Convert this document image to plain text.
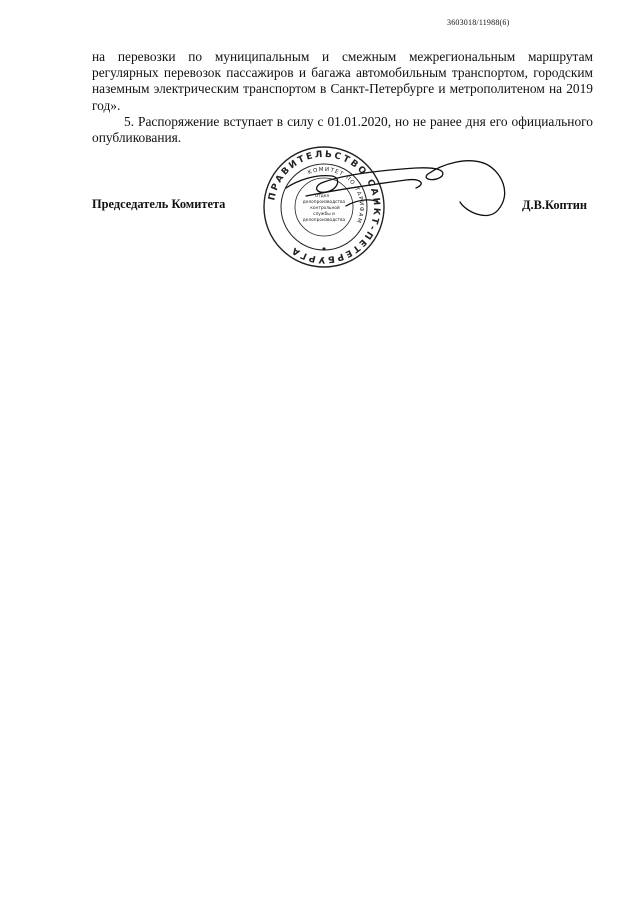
3603018/11988(6)

на перевозки по муниципальным и смежным межрегиональным маршрутам регулярных перевозок пассажиров и багажа автомобильным транспортом, городским наземным электрическим транспортом в Санкт-Петербурге и метрополитеном на 2019 год».

5. Распоряжение вступает в силу с 01.01.2020, но не ранее дня его официального опубликования.

ПРАВИТЕЛЬСТВО САНКТ-ПЕТЕРБУРГА
КОМИТЕТ ПО ТАРИФАМ
Отдел
делопроизводства
контрольной
службы и
делопроизводства
Председатель Комитета	Д.В.Коптин
